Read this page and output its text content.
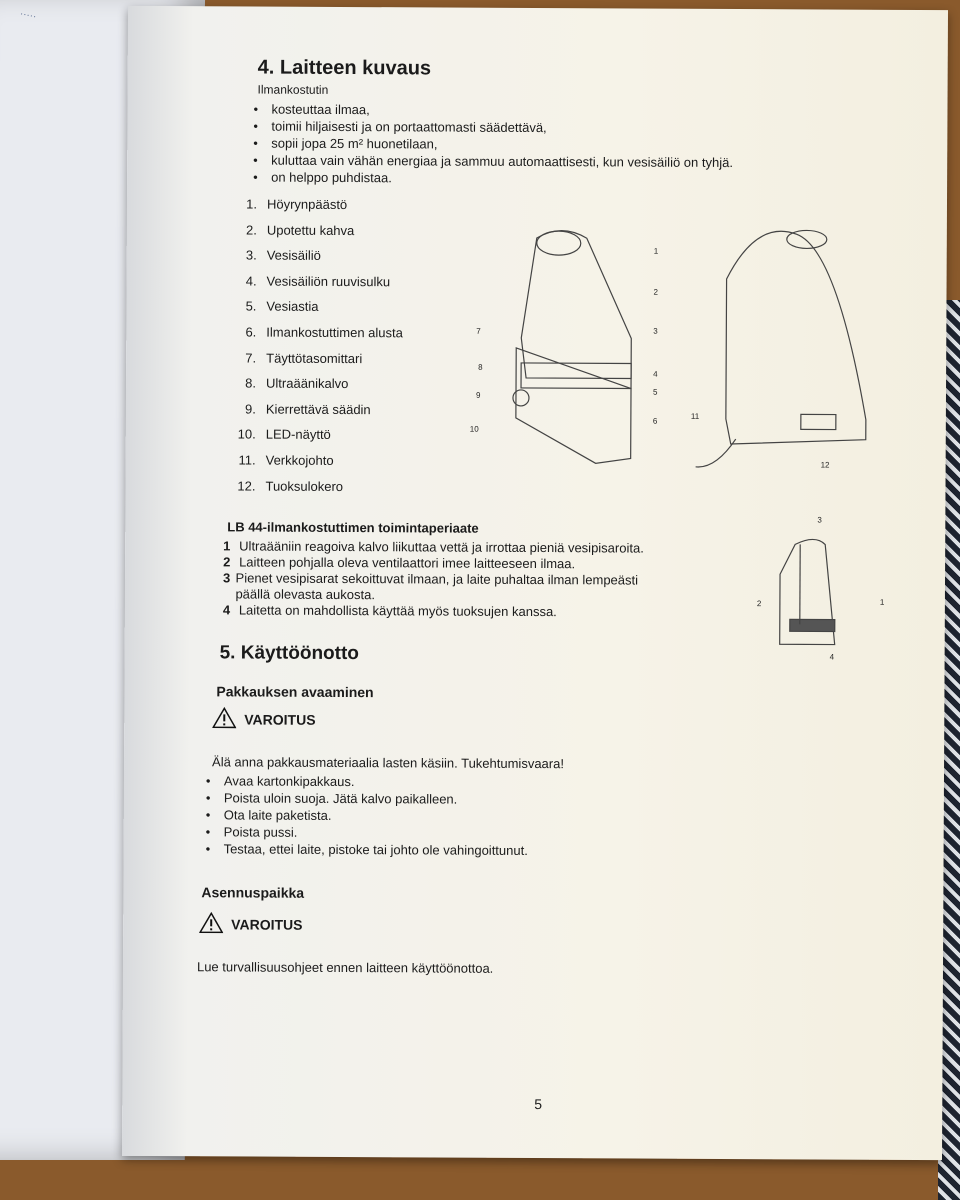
·····
4. Laitteen kuvaus
Ilmankostutin
• kosteuttaa ilmaa,
• toimii hiljaisesti ja on portaattomasti säädettävä,
• sopii jopa 25 m² huonetilaan,
• kuluttaa vain vähän energiaa ja sammuu automaattisesti, kun vesisäiliö on tyhjä.
• on helppo puhdistaa.
1. Höyrynpäästö
2. Upotettu kahva
3. Vesisäiliö
4. Vesisäiliön ruuvisulku
5. Vesiastia
6. Ilmankostuttimen alusta
7. Täyttötasomittari
8. Ultraäänikalvo
9. Kierrettävä säädin
10. LED-näyttö
11. Verkkojohto
12. Tuoksulokero
1
2
3
4
5
6
7
8
9
10
11
12
LB 44-ilmankostuttimen toimintaperiaate
1 Ultraääniin reagoiva kalvo liikuttaa vettä ja irrottaa pieniä vesipisaroita.
2 Laitteen pohjalla oleva ventilaattori imee laitteeseen ilmaa.
3 Pienet vesipisarat sekoittuvat ilmaan, ja laite puhaltaa ilman lempeästi päällä olevasta aukosta.
4 Laitetta on mahdollista käyttää myös tuoksujen kanssa.
1
2
3
4
5. Käyttöönotto
Pakkauksen avaaminen
VAROITUS
Älä anna pakkausmateriaalia lasten käsiin. Tukehtumisvaara!
• Avaa kartonkipakkaus.
• Poista uloin suoja. Jätä kalvo paikalleen.
• Ota laite paketista.
• Poista pussi.
• Testaa, ettei laite, pistoke tai johto ole vahingoittunut.
Asennuspaikka
VAROITUS
Lue turvallisuusohjeet ennen laitteen käyttöönottoa.
5
